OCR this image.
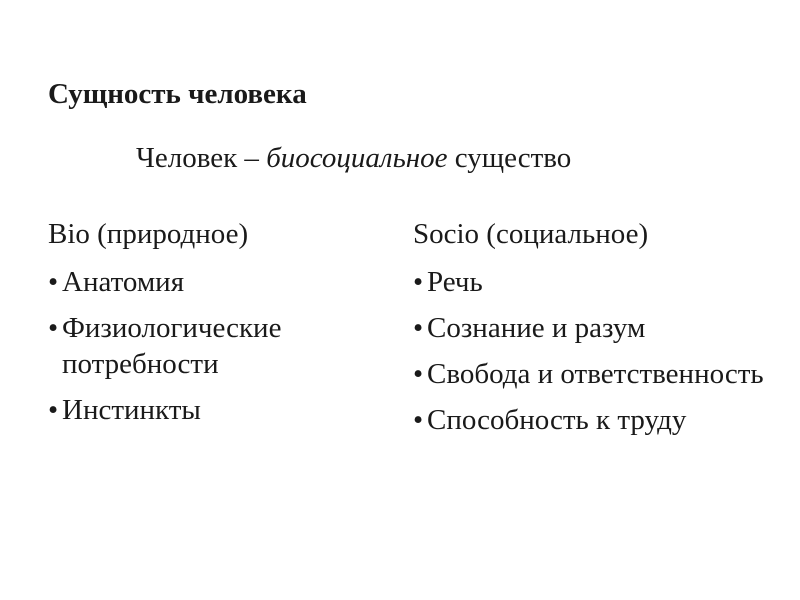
Сущность человека
Человек – биосоциальное существо
Bio (природное)
• Анатомия
• Физиологические потребности
• Инстинкты
Socio (социальное)
• Речь
• Сознание и разум
• Свобода и ответственность
• Способность к труду
